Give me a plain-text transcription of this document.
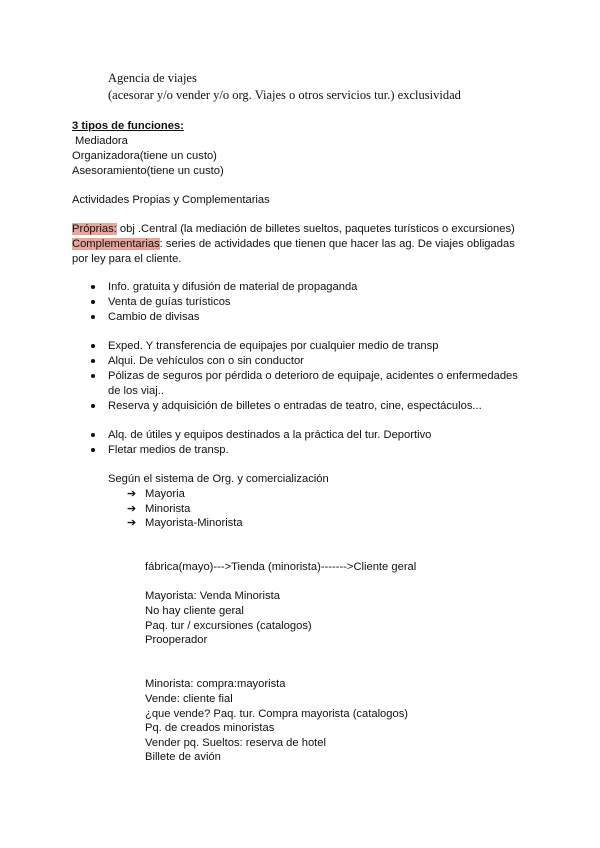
Agencia de viajes
(acesorar y/o vender y/o org. Viajes o otros servicios tur.) exclusividad
3 tipos de funciones:
Mediadora
Organizadora(tiene un custo)
Asesoramiento(tiene un custo)
Actividades Propias y Complementarias
Próprias: obj .Central (la mediación de billetes sueltos, paquetes turísticos o excursiones)
Complementarias: series de actividades que tienen que hacer las ag. De viajes obligadas
por ley para el cliente.
Info. gratuita y difusión de material de propaganda
Venta de guías turísticos
Cambio de divisas
Exped. Y transferencia de equipajes por cualquier medio de transp
Alqui. De vehículos con o sin conductor
Pólizas de seguros por pérdida o deterioro de equipaje, acidentes o enfermedades
de los viaj..
Reserva y adquisición de billetes o entradas de teatro, cine, espectáculos...
Alq. de útiles y equipos destinados a la práctica del tur. Deportivo
Fletar medios de transp.
Según el sistema de Org. y comercialización
➔ Mayoria
➔ Minorista
➔ Mayorista-Minorista
fábrica(mayo)--->Tienda (minorista)------->Cliente geral
Mayorista: Venda Minorista
No hay cliente geral
Paq. tur / excursiones (catalogos)
Prooperador
Minorista: compra:mayorista
Vende: cliente fial
¿que vende? Paq. tur. Compra mayorista (catalogos)
Pq. de creados minoristas
Vender pq. Sueltos: reserva de hotel
Billete de avión
